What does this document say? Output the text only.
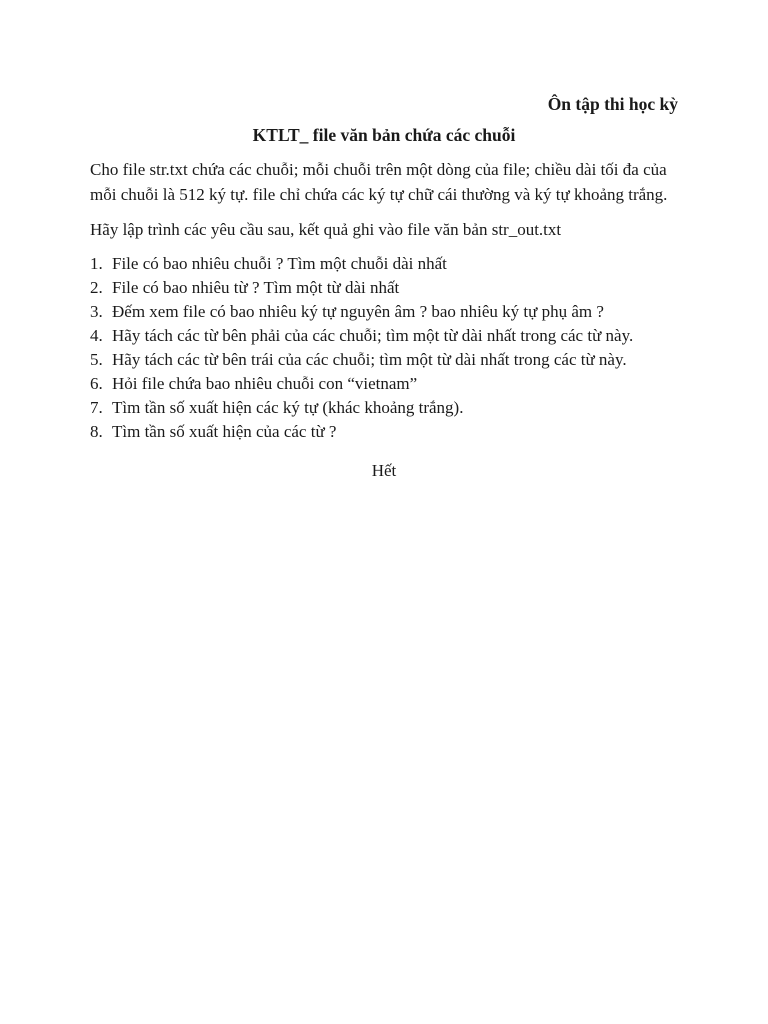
Ôn tập thi học kỳ
KTLT_ file văn bản chứa các chuỗi

Cho file str.txt chứa các chuỗi; mỗi chuỗi trên một dòng của file; chiều dài tối đa của mỗi chuỗi là 512 ký tự. file chỉ chứa các ký tự chữ cái thường và ký tự khoảng trắng.

Hãy lập trình các yêu cầu sau, kết quả ghi vào file văn bản str_out.txt

1. File có bao nhiêu chuỗi ? Tìm một chuỗi dài nhất
2. File có bao nhiêu từ ? Tìm một từ dài nhất
3. Đếm xem file có bao nhiêu ký tự nguyên âm ? bao nhiêu ký tự phụ âm ?
4. Hãy tách các từ bên phải của các chuỗi; tìm một từ dài nhất trong các từ này.
5. Hãy tách các từ bên trái của các chuỗi; tìm một từ dài nhất trong các từ này.
6. Hỏi file chứa bao nhiêu chuỗi con “vietnam”
7. Tìm tần số xuất hiện các ký tự (khác khoảng trắng).
8. Tìm tần số xuất hiện của các từ ?
Hết
